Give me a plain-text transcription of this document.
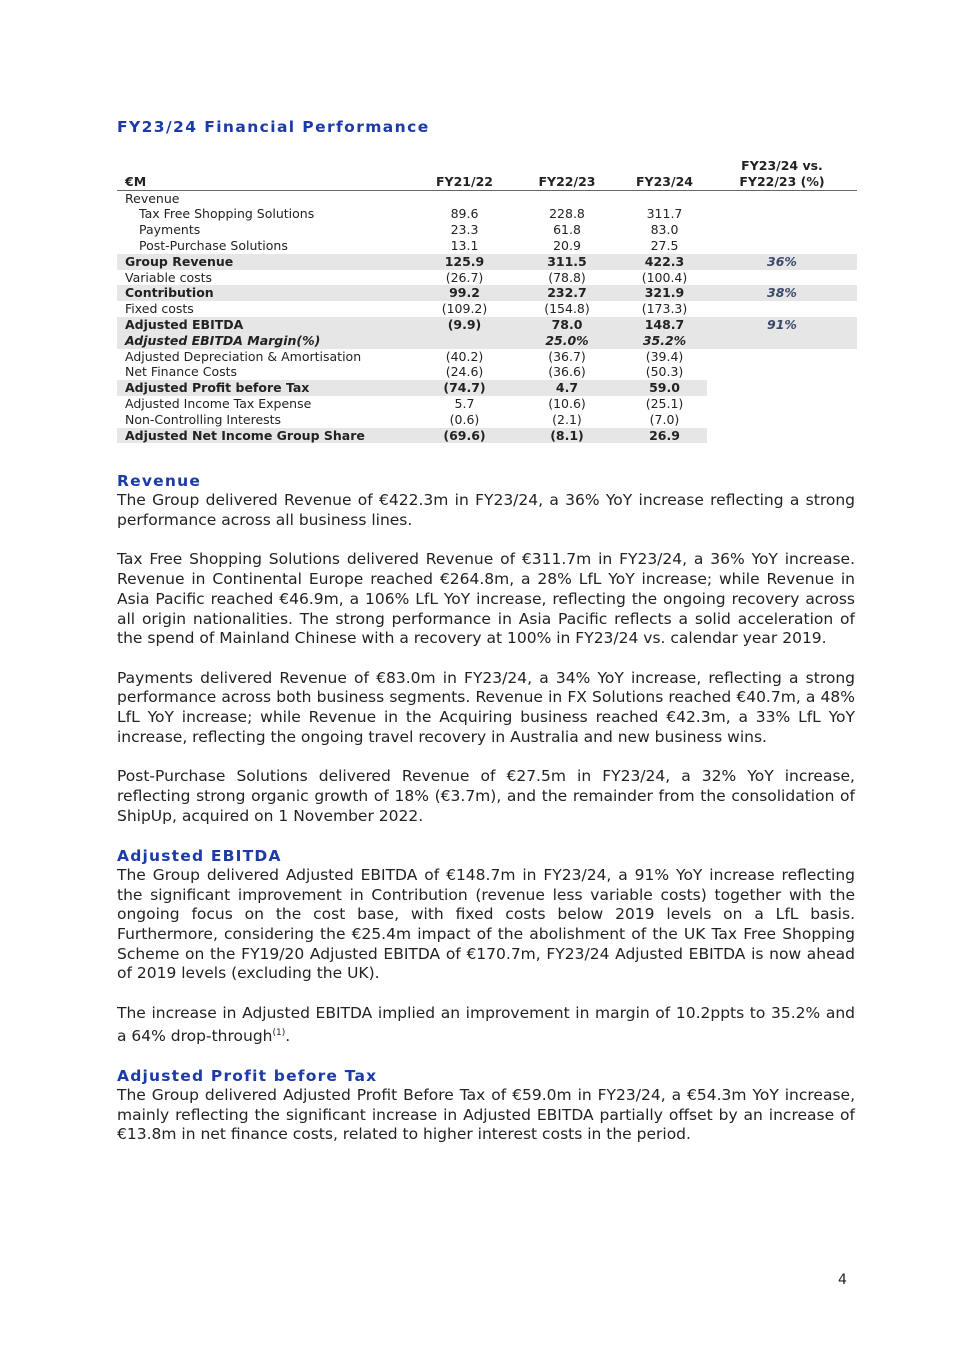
FY23/24 Financial Performance
				FY23/24 vs.
€M	FY21/22	FY22/23	FY23/24	FY22/23 (%)
Revenue				
Tax Free Shopping Solutions	89.6	228.8	311.7	
Payments	23.3	61.8	83.0	
Post-Purchase Solutions	13.1	20.9	27.5	
Group Revenue	125.9	311.5	422.3	36%
Variable costs	(26.7)	(78.8)	(100.4)	
Contribution	99.2	232.7	321.9	38%
Fixed costs	(109.2)	(154.8)	(173.3)	
Adjusted EBITDA	(9.9)	78.0	148.7	91%
Adjusted EBITDA Margin(%)		25.0%	35.2%	
Adjusted Depreciation & Amortisation	(40.2)	(36.7)	(39.4)	
Net Finance Costs	(24.6)	(36.6)	(50.3)	
Adjusted Profit before Tax	(74.7)	4.7	59.0	
Adjusted Income Tax Expense	5.7	(10.6)	(25.1)	
Non-Controlling Interests	(0.6)	(2.1)	(7.0)	
Adjusted Net Income Group Share	(69.6)	(8.1)	26.9	
Revenue

The Group delivered Revenue of €422.3m in FY23/24, a 36% YoY increase reflecting a strong performance across all business lines.

Tax Free Shopping Solutions delivered Revenue of €311.7m in FY23/24, a 36% YoY increase. Revenue in Continental Europe reached €264.8m, a 28% LfL YoY increase; while Revenue in Asia Pacific reached €46.9m, a 106% LfL YoY increase, reflecting the ongoing recovery across all origin nationalities. The strong performance in Asia Pacific reflects a solid acceleration of the spend of Mainland Chinese with a recovery at 100% in FY23/24 vs. calendar year 2019.

Payments delivered Revenue of €83.0m in FY23/24, a 34% YoY increase, reflecting a strong performance across both business segments. Revenue in FX Solutions reached €40.7m, a 48% LfL YoY increase; while Revenue in the Acquiring business reached €42.3m, a 33% LfL YoY increase, reflecting the ongoing travel recovery in Australia and new business wins.

Post-Purchase Solutions delivered Revenue of €27.5m in FY23/24, a 32% YoY increase, reflecting strong organic growth of 18% (€3.7m), and the remainder from the consolidation of ShipUp, acquired on 1 November 2022.

Adjusted EBITDA

The Group delivered Adjusted EBITDA of €148.7m in FY23/24, a 91% YoY increase reflecting the significant improvement in Contribution (revenue less variable costs) together with the ongoing focus on the cost base, with fixed costs below 2019 levels on a LfL basis. Furthermore, considering the €25.4m impact of the abolishment of the UK Tax Free Shopping Scheme on the FY19/20 Adjusted EBITDA of €170.7m, FY23/24 Adjusted EBITDA is now ahead of 2019 levels (excluding the UK).

The increase in Adjusted EBITDA implied an improvement in margin of 10.2ppts to 35.2% and a 64% drop-through$^{(1)}$.

Adjusted Profit before Tax

The Group delivered Adjusted Profit Before Tax of €59.0m in FY23/24, a €54.3m YoY increase, mainly reflecting the significant increase in Adjusted EBITDA partially offset by an increase of €13.8m in net finance costs, related to higher interest costs in the period.

4
